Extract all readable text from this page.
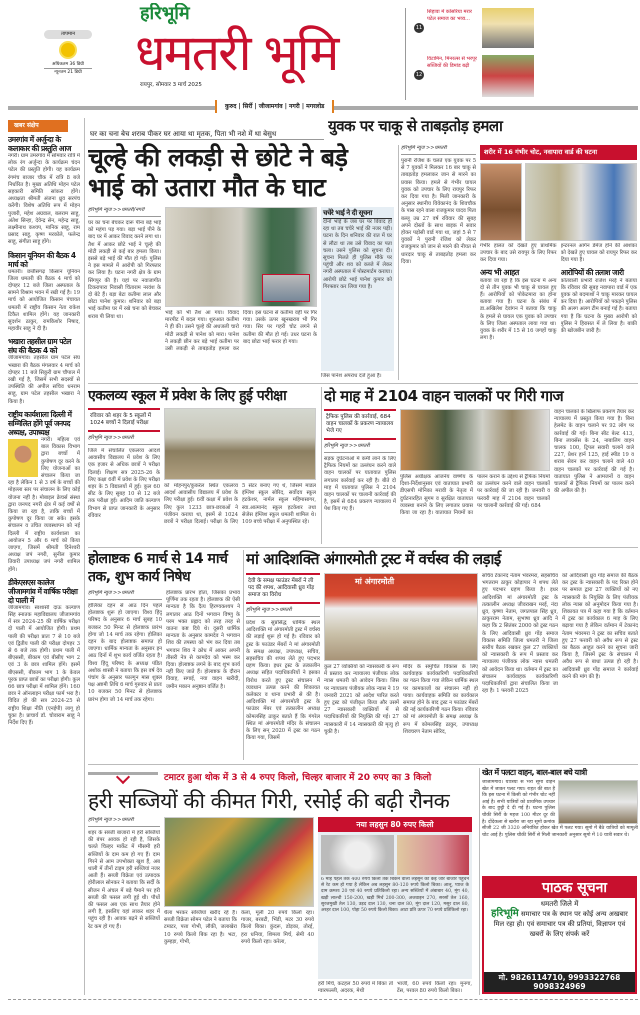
तापमान
अधिकतम 36 डिग्री
न्यूनतम 21 डिग्री
हरिभूमि
धमतरी भूमि
रायपुर, सोमवार 3 मार्च 2025
11
सिहावा में कोसरिया मरार पटेल समाज का भव्य...
12
विटामिन, मिनरल्स से भरपूर सब्जियों की डिमांड बढ़ी
कुरुद | सिर्री | जीजामगांव | नगरी | मगरलोड
खबर संक्षेप
उमरगांव में अर्जुन्दा के कलाकार की प्रस्तुति आज
नगरी। ग्राम उमरगांव में सोमवार रात्रि में लोक रंग अर्जुन्दा के कार्यक्रम चंदन पटेल की प्रस्तुति होगी। यह कार्यक्रम रंगमंच बाजार चौक में रात्रि 8 बजे निर्धारित है। मुख्य अतिथि मोहन पटेल सहकारी समिति सांकरा होंगे। अध्यक्षता श्रीमती अंजना ध्रुव सरपंच करेंगी। विशेष अतिथि रूप में मोहन पुजारी, महेश अग्रवाल, बलराम साहू, अंतेश सिन्हा, देवेन्द्र सेन, महेन्द्र साहू, लक्ष्मीनाथ कश्यप, मानिक साहू, राम प्रसाद साहू, कृष्ण मरकोले, फलेन्द्र साहू, संगीता साहू होंगे।
किसान यूनियन की बैठक 4 मार्च को
धमतरी। छत्तीसगढ़ किसान यूनियन जिला धमतरी की बैठक 4 मार्च को दोपहर 12 बजे जिला अस्पताल के सामने विश्राम भवन में रखी गई है। 19 मार्च को आयोजित किसान पंचायत धमतरी में राष्ट्रीय किसान नेता राकेश टिकैत शामिल होंगे। यह जानकारी सुदर्शन ठाकुर, रामकिशोर निषाद, महावीर साहू ने दी है।
भखारा तहसील ग्राम पटेल संघ की बैठक 4 को
जीजामगांव। तहसील ग्राम पटेल संघ भखारा की बैठक मंगलवार 4 मार्च को दोपहर 11 बजे सिकुरी ग्राम चौपाल में रखी गई है, जिसमें सभी सदस्यों से उपस्थिति की अपील सचिव धनराम साहू, ग्राम पटेल तहसील भखारा ने किया है।
राष्ट्रीय कार्यशाला दिल्ली में सम्मिलित होंगे पूर्व जनपद अध्यक्ष, उपाध्यक्ष
नगरी। महिला एवं बाल विकास विभाग द्वारा बच्चों में कुपोषण दूर करने के लिए योजनाओं का संचालन किया जा रहा है लेकिन 1 से 3 वर्ष के बच्चों की मोहल्ला स्तर पर संचालन के लिए कोई योजना नहीं है। मोबाइल क्रेचर्स संस्था द्वारा जनपद नगरी क्षेत्र में कई वर्षों से किया जा रहा है, ताकि बच्चों में कुपोषण दूर किया जा सके। इसके संचालन व उचित व्यवस्थापन को नई दिल्ली में राष्ट्रीय कार्यशाला का आयोजन 5 और 6 मार्च को किया जाएगा, जिसमें श्रीमती दिनेश्वरी अध्यक्ष जपं नगरी, सुनील कुमार तिवारी उपाध्यक्ष जपं नगरी शामिल होंगे।
डीकेएसएस कालेज जीजामगांव में वार्षिक परीक्षा दो पाली में
जीजामगांव। स्वशासी दाऊ कल्याण सिंह स्नातक महाविद्यालय जीजामगांव में सत्र 2024-25 की वार्षिक परीक्षा दो पाली में आयोजित होगी। प्रथम पाली की परीक्षा प्रातः 7 से 10 बजे एवं द्वितीय पाली की परीक्षा दोपहर 3 से 6 बजे तक होगी। प्रथम पाली में बीएससी, बीकाम एवं बीसीए भाग 2 एवं 3 के छात्र शामिल होंगे। इसमें बीएससी, बीकाम भाग 1 के केवल पूरक प्राप्त छात्रों का परीक्षा होगी। कुल 66 छात्र परीक्षा में शामिल होंगे। 160 छात्र ने ऑनलाइन परीक्षा फार्म भरा है। विदित हो की सत्र 2024-25 से राष्ट्रीय शिक्षा नीति (एनईपी) लागू हो चुका है। प्राचार्य डॉ. चोवाराम साहू ने निर्देश दिए हैं।
घर का चना बेच शराब पीकर घर आया था मृतक, पिता भी नशे में था बेसुध	युवक पर चाकू से ताबड़तोड़ हमला
चूल्हे की लकड़ी से छोटे ने बड़े
भाई को उतारा मौत के घाट
हरिभूमि न्यूज >>धमतरी/नगरी
घर का चना बेचकर दारू पीना बड़े भाई को महंगा पड़ गया। बड़ा भाई पीने के बाद घर में आकर विवाद करने लगा था। तैश में आकर छोटे भाई ने चूल्हे की मोटी लकड़ी से कई बार हमला किया। इससे बड़े भाई की मौत हो गई। पुलिस ने इस मामले में आरोपी को गिरफ्तार कर लिया है। घटना नगरी क्षेत्र के ग्राम सिंगपुर की है। यहां पर नवाजागीत टिकरापारा निवासी चिंताराम नरवंश के दो बेटे हैं। बड़ा बेटा कतीमा लाल और छोटा पानेश कुमार। शनिवार को बड़ा भाई कतीमा घर में रखे चना को बेचकर शराब पी लिया था।
भाई को भी तैश आ गया। विवाद मारपीट में बदल गया। शुरुआत कतीमा ने ही की। उसने चूल्हे की अधजली चारो मोटी लकड़ी से पानेश को मारा। पानेश ने लकड़ी छीन कर बड़े भाई कतीमा पर उसी लकड़ी से ताबड़तोड़ हमला कर दिया। इस घटना से कतीमा वहीं पर गिर गया। उसके ऊपर खूनखराब भी गिर गया। सिर पर गहरी चोट लगने से कतीमा की मौत हो गई। उधर घटना के बाद छोटा भाई फरार हो गया।
चचेरे भाई ने दी सूचना
दोनों भाई के जब घर पर विवाद हो रहा था तब चचेरे भाई की नजर पड़ी। घटना के दिन शनिवार की रात में घर से लौटा था तब उसे विवाद का पता चला। उसने पुलिस को सूचना दी। सूचना मिलते ही पुलिस मौके पर पहुंची और शव को कब्जे में लेकर नगरी अस्पताल में पोस्टमार्टम कराया। आरोपी छोटे भाई पानेश कुमार को गिरफ्तार कर लिया गया है।
जिस पानेश अपराध दर्ज हुआ है।
हरिभूमि न्यूज >>धमतरी
पुरानी रंजिश के चलते एक युवक पर 5 से 7 युवकों ने मिलकर 16 बार चाकू से ताबड़तोड़ हमलाकर जान से मारने का प्रयास किया। हमले से गंभीर घायल युवक को उपचार के लिए रायपुर रिफर कर दिया गया है। मिली जानकारी के अनुसार स्थानीय विवेकानंद के शिवचौक के पास रहने वाला राजकुमार यादव पिता बल्लू उम्र 27 वर्ष रविवार की सुबह अपने दोस्तों के साथ बाइक में सवार होकर पड़ोसी वार्ड गया था, जहां 5 से 7 युवकों ने पुरानी रंजिश को लेकर राजकुमार को जान से मारने की नीयत से धारदार चाकू से ताबड़तोड़ हमला कर दिया।
शरीर में 16 गंभीर चोट, नवापारा वार्ड की घटना
गंभीर हालत को देखते हुए प्राथमिक उपचार के बाद उसे रायपुर के लिए रिफर कर दिया गया।
इन्टरनल आर्गन डेमेज होने की आशंका को देखते हुए घायल को रायपुर रिफर कर दिया गया है।
अन्य भी आहत
बताया जा रहा है कि इस घटना में अन्य दो से तीन युवक भी चाकू से घायल हुए हैं। आरोपियों को पोकेटमारा का होना बताया गया है। घटना के संबंध में डा.अखिलेश देवांगन ने बताया कि चाकू के हमले से घायल एक युवक को उपचार के लिए जिला अस्पताल लाया गया था। युवक के शरीर में 15 से 16 जगहों चाकू लगा है।
आरोपियों की तलाश जारी
कोतवाली प्रभारी राजेश मरई ने बताया कि रविवार की सुबह नवापारा वार्ड में एक युवक को बदमाशों ने चाकू मारकर घायल कर दिया है। आरोपियों को पकड़ने पुलिस की अलग अलग टीम बनाई गई है। बताया गया है कि घटना के मुख्य आरोपी को पुलिस ने हिरासत में ले लिया है। बाकी की खोजबीन जारी है।
एकलव्य स्कूल में प्रवेश के लिए हुई परीक्षा
रविवार को शहर के 5 स्कूलों में 1024 बच्चों ने दिलाई परीक्षा
हरिभूमि न्यूज >>धमतरी
जिले में संचालित एकलव्य आदर्श आवासीय विद्यालय में प्रवेश के लिए एक हजार से अधिक छात्रों ने परीक्षा दिलाई। शिक्षण सत्र 2025-26 के लिए कक्षा 6वीं में प्रवेश के लिए परीक्षा शहर के 5 विद्यालयों में हुई। कुल 60 सीट के लिए सुबह 10 से 12 बजे तक परीक्षा हुई। आदिम जाति कल्याण विभाग से प्राप्त जानकारी के अनुसार रविवार
को मोहनपुर/कुकरेल स्थित एकलव्य आदर्श आवासीय विद्यालय में प्रवेश के लिए परीक्षा हुई। 6वीं कक्षा में प्रवेश के लिए कुल 1233 छात्र-छात्राओं ने पंजीयन कराया था, इसमें से 1024 छात्रों ने परीक्षा दिलाई। परीक्षा के लिए 5 सेंटर बनाए गए थे, जिसमें माडल इंग्लिश स्कूल सोरिद, सर्वोदय स्कूल हटकेशर, नार्मल स्कूल महिमासागर, स्वा.आत्मानंद स्कूल हटकेशर तथा सेजेस इंग्लिश स्कूल धमतरी शामिल थे। 109 बच्चे परीक्षा में अनुपस्थित रहे।
दो माह में 2104 वाहन चालकों पर गिरी गाज
ट्रैफिक पुलिस की कार्रवाई, 684 वाहन चालकों के प्रकरण न्यायालय भेजे गए
हरिभूमि न्यूज >>धमतरी
सड़क दुर्घटनाओं में कमी लाने के लिए ट्रैफिक नियमों का उल्लंघन करने वाले वाहन चालकों पर यातायात पुलिस लगातार कार्रवाई कर रही है। बीते दो माह में यातायात पुलिस ने 2104 वाहन चालकों पर चालानी कार्रवाई की है, इसमें से 684 प्रकरण न्यायालय में पेश किए गए हैं।
पुलिस अधीक्षक आंजनेय वार्ष्णेय के दिशा-निर्देशानुसार एवं यातायात प्रभारी डीएसपी मोनिका मरावी के नेतृत्व में दुर्घटनारहित सुगम व सुरक्षित यातायात व्यवस्था बनाने के लिए लगातार प्रयास किया जा रहा है। यातायात नियमों का पालन कराने के उद्देश्य से ट्रैफिक नियमों का उल्लंघन करने वाले वाहन चालकों पर कार्रवाई की जा रही है। जनवरी व फरवरी माह में 2104 वाहन चालकों पर चालानी कार्रवाई की गई। 684
वाहन चालकों के खिलाफ प्रकरण तैयार कर न्यायालय में प्रस्तुत किया गया है। बिना हेलमेट के वाहन चलाने पर 92 लोग पर कार्रवाई की गई। बिना सीट बेल्ट 413, बिना लायसेंस के 24, नाबालिग वाहन चालक 100, ट्रिपल सवारी चलाने वाले 227, प्रेशर हार्न 125, हाई स्पीड 19 व शराब सेवन कर वाहन चलाने वाले 40 वाहन चालकों पर कार्रवाई की गई है। यातायात पुलिस ने आमजनों व वाहन चालकों से ट्रैफिक नियमों का पालन करने की अपील की है।
होलाष्टक 6 मार्च से 14 मार्च तक, शुभ कार्य निषेध
हरिभूमि न्यूज >>धमतरी
होलिका दहन से आठ दिन पहले होलाष्टक शुरू हो जाएगा। विश्व हिंदू परिषद के अनुसार 6 मार्च सुबह 10 बजकर 50 मिनट से होलाष्टक प्रारंभ होगा जो 14 मार्च तक रहेगा। होलिका दहन के बाद होलाष्टक समाप्त हो जाएगा। धार्मिक मान्यता के अनुसार इन आठ दिनों में शुभ कार्य वर्जित रहता है। विश्व हिंदू परिषद के अध्यक्ष पंडित अशोक शास्त्री ने बताया कि इस वर्ष देव पंचांग के अनुसार फाल्गुन मास शुक्ल पक्ष अष्टमी तिथि 6 मार्च गुरुवार से प्रातः 10 बजकर 50 मिनट से होलाष्टक प्रारंभ होगा जो 14 मार्च तक रहेगा।
होलाष्टक प्रारंभ होता, जिसका प्रभाव पूर्णिमा तक रहता है। होलाष्टक की ऐसी मान्यता है कि दैत्य हिरण्यकश्यप ने लगातार आठ दिनों भगवान विष्णु के परम भक्त प्रह्लाद को तरह तरह से यातना कष्ट दिये थे। दूसरी धार्मिक मान्यता के अनुसार कामदेव ने भगवान शिव की तपस्या को भंग कर दिया तब भगवान शिव ने क्रोध में आकर अपनी तीसरी नेत्र से कामदेव को भस्म कर दिया। होलाष्टक लगने के बाद शुभ कार्य नहीं किए जाते हैं। होलाष्टक के दौरान विवाह, सगाई, नया वाहन खरीदी, जमीन मकान अनुष्ठान वर्जित है।
मां आदिशक्ति अंगारमोती ट्रस्ट में वर्चस्व की लड़ाई
देवी के समक्ष फाउंडर मेंबरों ने ली पद की शपथ, आदिवासी ध्रुव गोंड़ समाज का विरोध
हरिभूमि न्यूज >>धमतरी
प्रदेश के सुप्रसिद्ध धार्मिक स्थल आदिशक्ति मां अंगारमोती ट्रस्ट में वर्चस्व की लड़ाई शुरू हो गई है। रविवार को ट्रस्ट के फाउंडर मेंबरों ने मां अंगारमोती के समक्ष अध्यक्ष, उपाध्यक्ष, सचिव, सहसचिव की शपथ लेते हुए पदभार ग्रहण किया। इधर ट्रस्ट के तत्कालीन अध्यक्ष सहित पदाधिकारियों ने इसका विरोध करते हुए ट्रस्ट संचालन में व्यवधान उत्पन्न करने की शिकायत कलेक्टर व थाना प्रभारी से की है। आदिशक्ति मां अंगारमोती ट्रस्ट के फाउंडर मेंबर एवं तत्कालीन अध्यक्ष कोमलसिंह ठाकुर बताते हैं कि गंगरेल स्थित मां अंगारमोती मंदिर के संचालन के लिए सन् 2020 में ट्रस्ट का गठन किया गया, जिसमें
मां अंगारमोती
कुल 27 व्यक्तियों को न्यासकारी के रूप में प्रस्ताव कर न्यायालय पंजीयक लोक न्यास धमतरी को आवेदन किया। जिस पर न्यायालय पंजीयक लोक न्यास ने 19 जनवरी 2021 को आदेश पारित करते हुए ट्रस्ट को पंजीकृत किया और उसमें 27 न्यासकारी व्यक्तियों में से पदाधिकारियों की नियुक्ति की गई। 27 न्यासकारी में 14 न्यासकारी की मृत्यु हो चुकी है।
मंदिर के समुचित विकास के लिए कार्यवाहक कार्यकारिणी पदाधिकारियों का गठन किया गया लेकिन धार्मिक स्थल पर कामकाजों का संचालन नहीं हो पाया। कार्यवाहक समिति का कार्यकाल समाप्त होने के बाद ट्रस्ट न फाउंडर मेंबरों की नई कार्यकारिणी गठन किया। रविवार को मां अंगारमोती के समक्ष अध्यक्ष के रूप में कोमलसिंह ठाकुर, उपाध्यक्ष शिवचरण नेताम सोरिद,
सचिव टेकानंद नेताम भंवरमरा, सहसचिव भगतराम ठाकुर कोड़ापार ने शपथ लेते हुए पदभार ग्रहण किया है। इधर आदिशक्ति मां अंगारमोती ट्रस्ट के तत्कालीन अध्यक्ष जीवराखन मरई, नंदा ध्रुव, कृष्णा नेताम, जगतपाल सिंह ध्रुव, ठाकुरराम नेताम, सुभाषा ध्रुव आदि ने कहा कि 2 सितंबर 2000 को ट्रस्ट गठन के लिए आदिवासी ध्रुव गोंड़ समाज विकास समिति जिला धमतरी ने जिला स्तरीय बैठक रखकर कुल 27 व्यक्तियों को न्यासकारी के रूप में प्रस्ताव कर न्यायालय पंजीयक लोक न्यास धमतरी को आवेदन किया था। वर्तमान में ट्रस्ट का संचालन कार्यवाहक कार्यकारिणी पदाधिकारियों द्वारा संचालित किया जा रहा है। 1 फरवरी 2025
को आदिवासी ध्रुव गोंड़ समाज की बैठक कर ट्रस्ट के न्यासकारी के पद रिक्त होने पर समाज द्वारा 27 व्यक्तियों को नए न्यासकारी के नियुक्ति के लिए पंजीयक लोक न्यास को अनुमोदन किया गया है। शिकायत पत्र में कहा गया है कि वर्तमान में ट्रस्ट का कार्यकाल 6 माह के लिए बढ़ाया गया है लेकिन वर्तमान में टेकानंद नेताम भंवरमरा ने ट्रस्ट का सचिव बताते हुए 27 फरवरी को अवैध रूप से ट्रस्ट का बैठक आहूत करने का सूचना जारी किया है, जिसमें ट्रस्ट के संचालन में अवैध रूप से बाधा उत्पन्न हो रही है। आदिवासी ध्रुव गोंड़ समाज ने कार्रवाई करने की मांग की है।
टमाटर हुआ थोक में 3 से 4 रुपए किलो, चिल्हर बाजार में 20 रुपए का 3 किलो
हरी सब्जियों की कीमत गिरी, रसोई की बढ़ी रौनक
हरिभूमि न्यूज >>धमतरी
शहर के सब्जी बाजारों में हरी सब्जियों की बंपर आवक हो रही है, जिसके चलते चिल्हर मार्केट में मौसमी हरी सब्जियों के दाम कम हो गए हैं। दाम गिरने से आम उपभोक्ता खुश हैं, अब थाली में तीनों टाइम हरी सब्जियां नजर आती हैं। सब्जी विक्रेता एवं उत्पादक होरीलाल सोनकर ने बताया कि सर्दी के सीजन में अंचल में बड़े पैमाने पर हरी सब्जी की फसल लगी हुई थी। पौधों की फसल अब एक साथ तैयार होने लगी है, इसलिए यहां लाकर शहर में पहुंच रही है। आवक बढ़ने से सब्जियों रेट कम हो गए हैं।
थैला भरकर सब्जियां खरीद रहे हैं। सब्जी विक्रेता सोमन पटेल ने बताया कि टमाटर, पत्ता गोभी, लौकी, जलाखेरा 10 रुपये किलो बिक रहा है। भटा, कुम्हड़ा, गोभी,
केला, मूली 20 रुपये किलो रहा। गाजर, बरबटी, भिंडी, मटर 30 रुपये किलो बिका। कुंदरू, डोड़का, तोरई, हरा धनिया, शिमला मिर्च, सेमी 40 रुपये किलो रहा। करेला,
नया लहसुन 80 रुपए किलो
6 माह पहले तक 400 रुपये किलो तक बिकने वाला लहसुन की कई जोर बाजार पहुंचने से रेट कम हो गया है लेकिन अब लहसुन 80-120 रुपये किलो बिका। आलू, प्याज के दाम क्रमशः 20 एवं 40 रुपये प्रतिकिलो रहा। अन्य सब्जियों में अंबाबार 40, मूंग 40, खड़ी लाल्ची 150-200, खड़ी मिर्च 200-300, अजवाइन 270, सरसों तेल 160, सुरजमुखी तेल 130, उड़द दाल 130, चना दाल 80, मूंग दाल 120, मसूर दाल 80, अरहर दाल 100, पोहा 50 रुपये किलो बिका। आटा प्रति ऊपर 70 रुपये प्रतिकिलो रहा।
हरी मिर्च, कटहल 50 रुपये में बिका तो ग्वारफल्ली, अदरक, मेथी
भाजी, 60 रुपये किलो रहा। मुनगा, टेंस, परवल 80 रुपये किलो बिका।
खेत में पलटा वाहन, बाल-बाल बचे यात्री
जीजामगांव। यात्रियों से भरा सूमो वाहन खेत में जाकर पलट गया। राहत की बात है कि इस घटना में किसी को गंभीर चोट नहीं आई है। सभी यात्रियों को प्राथमिक उपचार के बाद छुट्टी दे दी गई है। घटना पुलिस चौकी सिर्री के महज 100 मीटर दूर की है। दोंदेकला से खरोरा जा रहा सूमो क्रमांक सीजी 22 जी 3320 अनियंत्रित होकर खेत में पलट गया। सूमो में बैठे यात्रियों को मामूली चोट आई है। पुलिस चौकी सिर्री से मिली जानकारी अनुसार सूमो में 10 यात्री सवार थे।
पाठक सूचना
धमतरी जिले में
हरिभूमि समाचार पत्र के स्थान पर कोई अन्य अखबार मिल रहा हो। एवं समाचार पत्र की प्रतियां, विज्ञापन एवं खबरों के लिए संपर्क करें
मो. 9826114710, 9993322768
9098324969
